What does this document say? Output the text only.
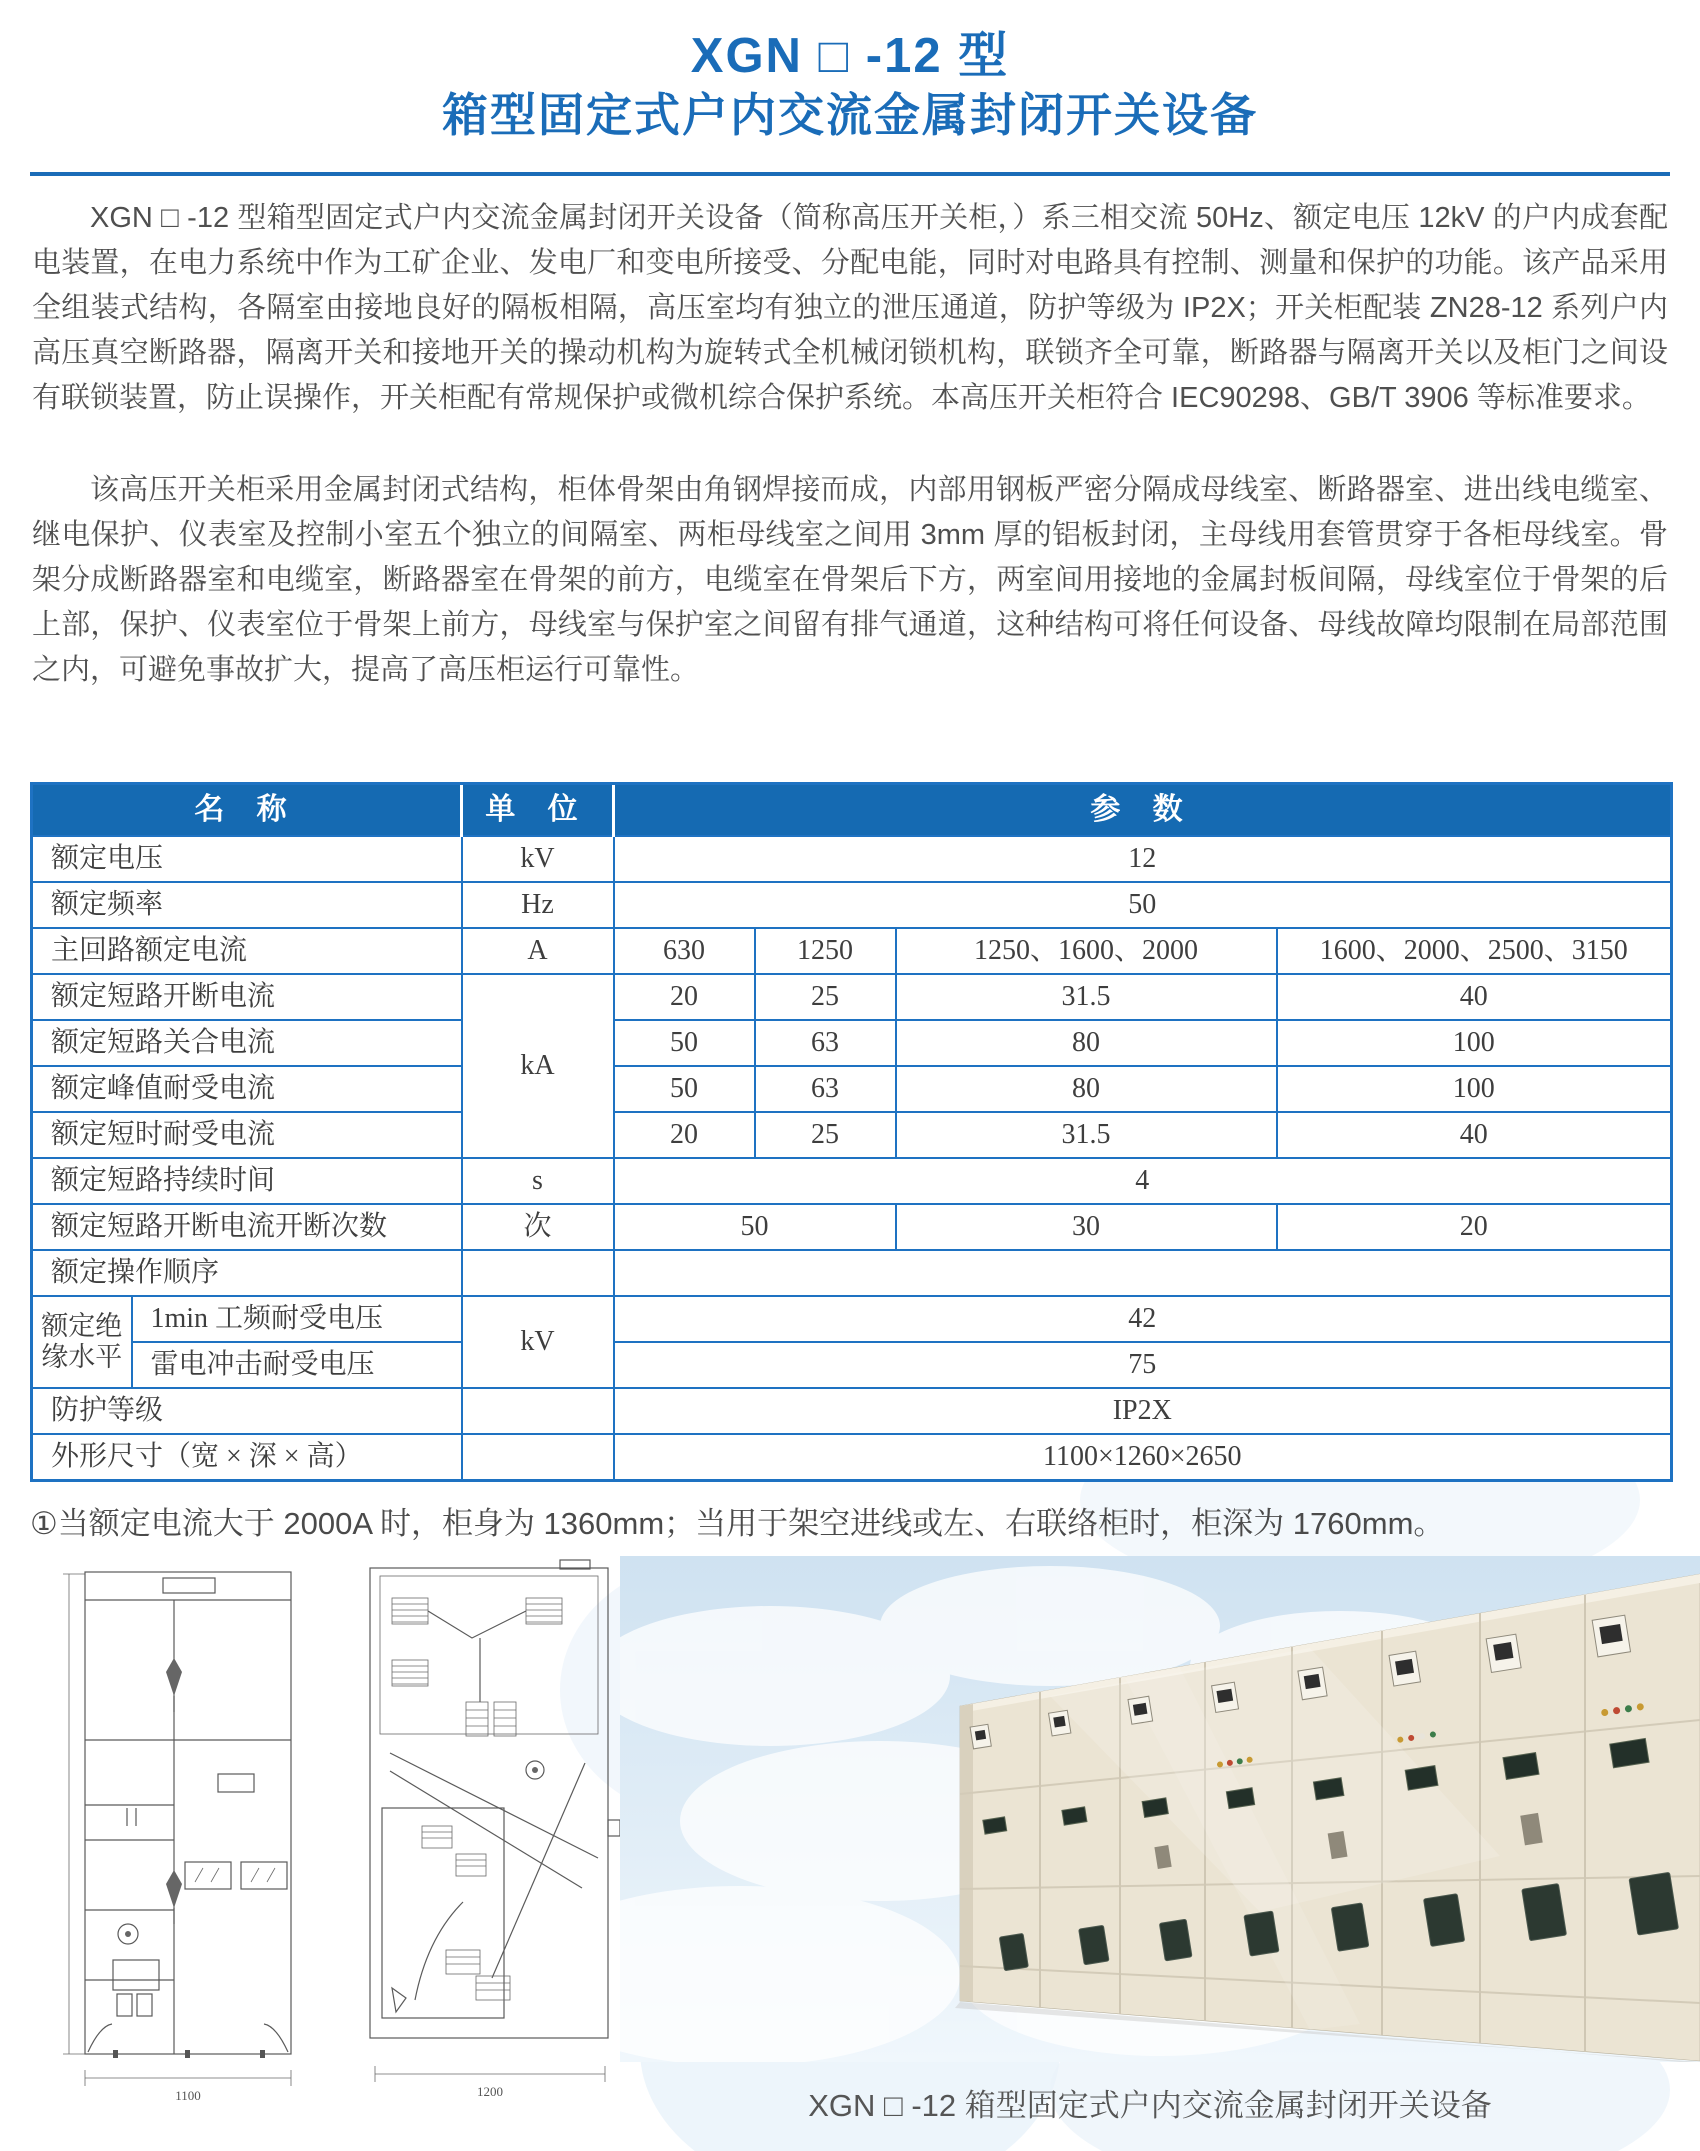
XGN □ -12 型
箱型固定式户内交流金属封闭开关设备
XGN □ -12 型箱型固定式户内交流金属封闭开关设备（简称高压开关柜，）系三相交流 50Hz、额定电压 12kV 的户内成套配电装置，在电力系统中作为工矿企业、发电厂和变电所接受、分配电能，同时对电路具有控制、测量和保护的功能。该产品采用全组装式结构，各隔室由接地良好的隔板相隔，高压室均有独立的泄压通道，防护等级为 IP2X；开关柜配装 ZN28-12 系列户内高压真空断路器，隔离开关和接地开关的操动机构为旋转式全机械闭锁机构，联锁齐全可靠，断路器与隔离开关以及柜门之间设有联锁装置，防止误操作，开关柜配有常规保护或微机综合保护系统。本高压开关柜符合 IEC90298、GB/T 3906 等标准要求。
该高压开关柜采用金属封闭式结构，柜体骨架由角钢焊接而成，内部用钢板严密分隔成母线室、断路器室、进出线电缆室、继电保护、仪表室及控制小室五个独立的间隔室、两柜母线室之间用 3mm 厚的铝板封闭，主母线用套管贯穿于各柜母线室。骨架分成断路器室和电缆室，断路器室在骨架的前方，电缆室在骨架后下方，两室间用接地的金属封板间隔，母线室位于骨架的后上部，保护、仪表室位于骨架上前方，母线室与保护室之间留有排气通道，这种结构可将任何设备、母线故障均限制在局部范围之内，可避免事故扩大，提高了高压柜运行可靠性。
名 称		单 位	参 数			
额定电压		kV	12			
额定频率		Hz	50			
主回路额定电流		A	630	1250	1250、1600、2000	1600、2000、2500、3150
额定短路开断电流		kA	20	25	31.5	40
额定短路关合电流			50	63	80	100
额定峰值耐受电流			50	63	80	100
额定短时耐受电流			20	25	31.5	40
额定短路持续时间		s	4			
额定短路开断电流开断次数		次	50		30	20
额定操作顺序						
额定绝缘水平	1min 工频耐受电压	kV	42			
	雷电冲击耐受电压		75			
防护等级			IP2X			
外形尺寸（宽 × 深 × 高）			1100×1260×2650			
①当额定电流大于 2000A 时，柜身为 1360mm；当用于架空进线或左、右联络柜时，柜深为 1760mm。
1100	1200	XGN □ -12 箱型固定式户内交流金属封闭开关设备
